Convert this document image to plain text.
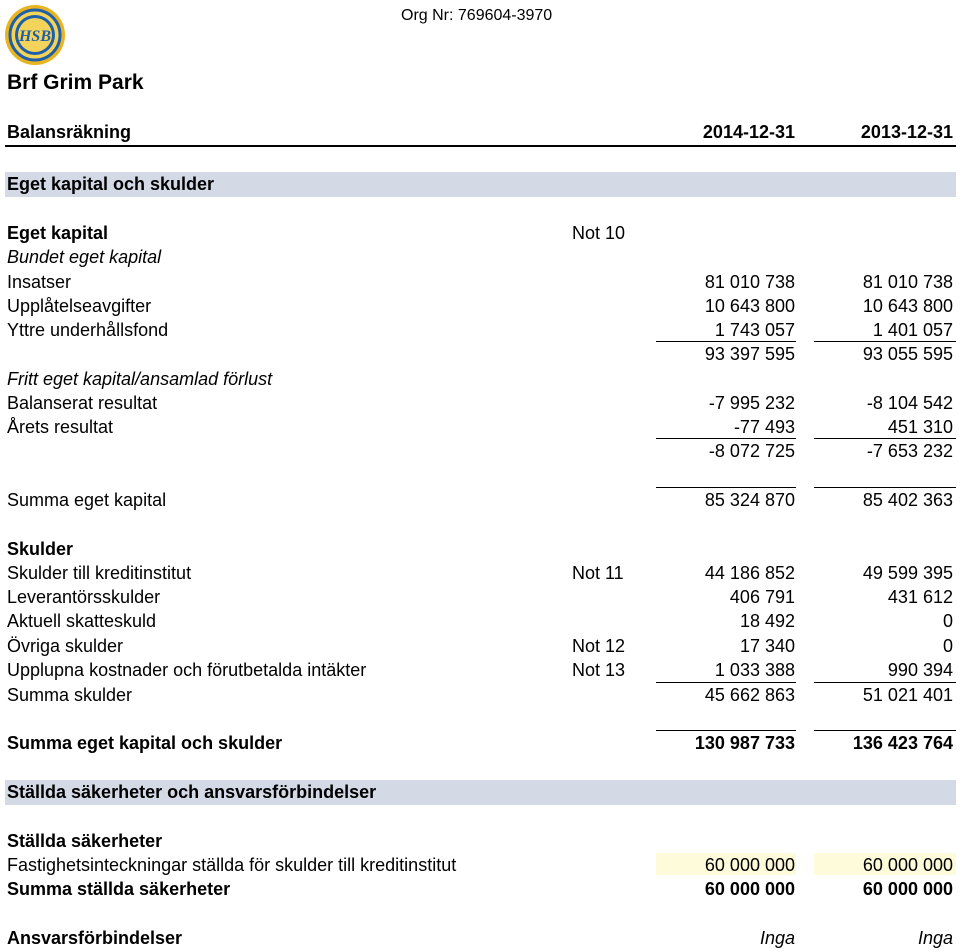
HSB
Org Nr: 769604-3970
Brf Grim Park
Balansräkning	2014-12-31	2013-12-31
Eget kapital och skulder
Eget kapital	Not 10
Bundet eget kapital
Insatser	81 010 738	81 010 738
Upplåtelseavgifter	10 643 800	10 643 800
Yttre underhållsfond	1 743 057	1 401 057
93 397 595	93 055 595
Fritt eget kapital/ansamlad förlust
Balanserat resultat	-7 995 232	-8 104 542
Årets resultat	-77 493	451 310
-8 072 725	-7 653 232
Summa eget kapital	85 324 870	85 402 363
Skulder
Skulder till kreditinstitut	Not 11	44 186 852	49 599 395
Leverantörsskulder	406 791	431 612
Aktuell skatteskuld	18 492	0
Övriga skulder	Not 12	17 340	0
Upplupna kostnader och förutbetalda intäkter	Not 13	1 033 388	990 394
Summa skulder	45 662 863	51 021 401
Summa eget kapital och skulder	130 987 733	136 423 764
Ställda säkerheter och ansvarsförbindelser
Ställda säkerheter
Fastighetsinteckningar ställda för skulder till kreditinstitut	60 000 000	60 000 000
Summa ställda säkerheter	60 000 000	60 000 000
Ansvarsförbindelser	Inga	Inga
